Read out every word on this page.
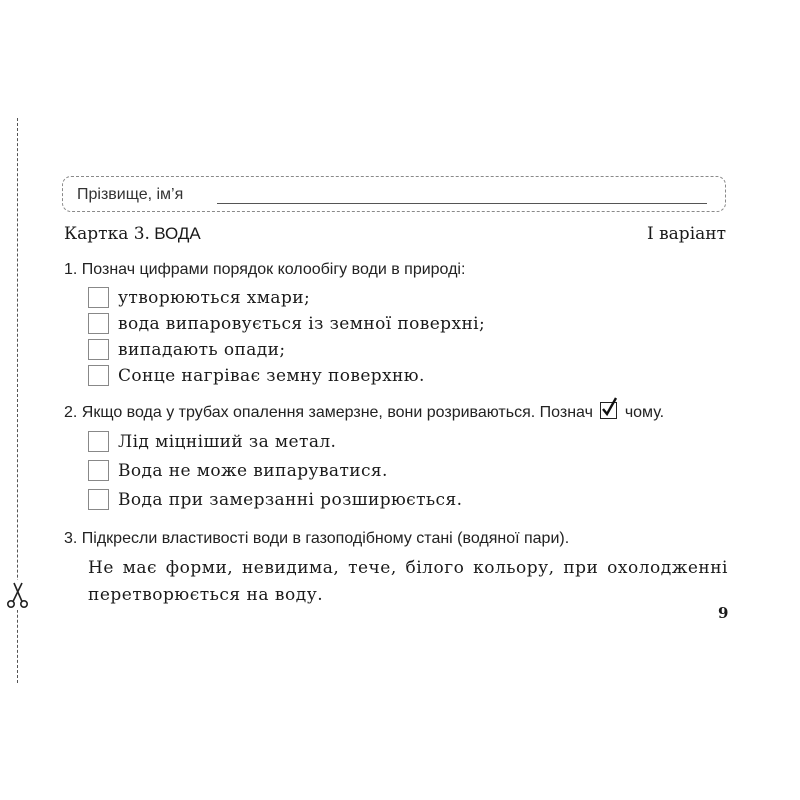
Прізвище, ім’я
Картка 3. ВОДА	І варіант
1. Познач цифрами порядок колообігу води в природі:
утворюються хмари;
вода випаровується із земної поверхні;
випадають опади;
Сонце нагріває земну поверхню.
2. Якщо вода у трубах опалення замерзне, вони розриваються. Познач чому.
Лід міцніший за метал.
Вода не може випаруватися.
Вода при замерзанні розширюється.
3. Підкресли властивості води в газоподібному стані (водяної пари).
Не має форми, невидима, тече, білого кольору, при охолодженні перетворюється на воду.
9
